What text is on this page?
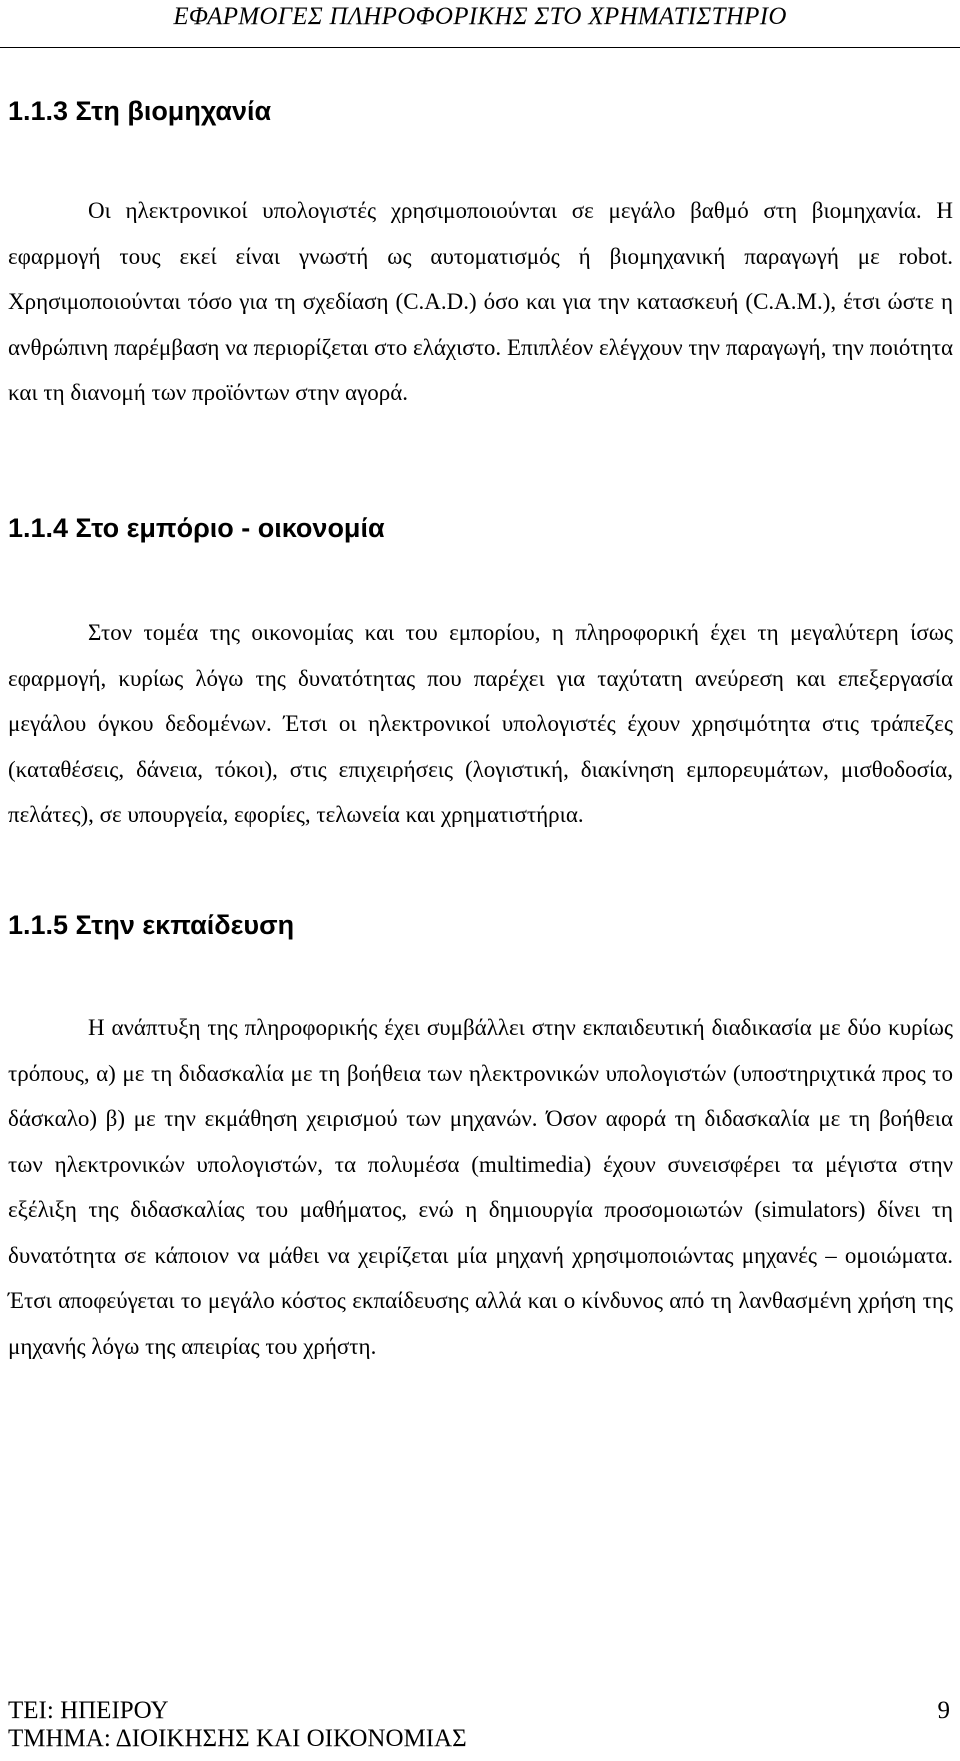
ΕΦΑΡΜΟΓΕΣ ΠΛΗΡΟΦΟΡΙΚΗΣ ΣΤΟ ΧΡΗΜΑΤΙΣΤΗΡΙΟ
1.1.3 Στη βιομηχανία

Οι ηλεκτρονικοί υπολογιστές χρησιμοποιούνται σε μεγάλο βαθμό στη βιομηχανία. Η εφαρμογή τους εκεί είναι γνωστή ως αυτοματισμός ή βιομηχανική παραγωγή με robot. Χρησιμοποιούνται τόσο για τη σχεδίαση (C.A.D.) όσο και για την κατασκευή (C.A.M.), έτσι ώστε η ανθρώπινη παρέμβαση να περιορίζεται στο ελάχιστο. Επιπλέον ελέγχουν την παραγωγή, την ποιότητα και τη διανομή των προϊόντων στην αγορά.

1.1.4 Στο εμπόριο - οικονομία

Στον τομέα της οικονομίας και του εμπορίου, η πληροφορική έχει τη μεγαλύτερη ίσως εφαρμογή, κυρίως λόγω της δυνατότητας που παρέχει για ταχύτατη ανεύρεση και επεξεργασία μεγάλου όγκου δεδομένων. Έτσι οι ηλεκτρονικοί υπολογιστές έχουν χρησιμότητα στις τράπεζες (καταθέσεις, δάνεια, τόκοι), στις επιχειρήσεις (λογιστική, διακίνηση εμπορευμάτων, μισθοδοσία, πελάτες), σε υπουργεία, εφορίες, τελωνεία και χρηματιστήρια.

1.1.5 Στην εκπαίδευση

Η ανάπτυξη της πληροφορικής έχει συμβάλλει στην εκπαιδευτική διαδικασία με δύο κυρίως τρόπους, α) με τη διδασκαλία με τη βοήθεια των ηλεκτρονικών υπολογιστών (υποστηριχτικά προς το δάσκαλο) β) με την εκμάθηση χειρισμού των μηχανών. Όσον αφορά τη διδασκαλία με τη βοήθεια των ηλεκτρονικών υπολογιστών, τα πολυμέσα (multimedia) έχουν συνεισφέρει τα μέγιστα στην εξέλιξη της διδασκαλίας του μαθήματος, ενώ η δημιουργία προσομοιωτών (simulators) δίνει τη δυνατότητα σε κάποιον να μάθει να χειρίζεται μία μηχανή χρησιμοποιώντας μηχανές – ομοιώματα. Έτσι αποφεύγεται το μεγάλο κόστος εκπαίδευσης αλλά και ο κίνδυνος από τη λανθασμένη χρήση της μηχανής λόγω της απειρίας του χρήστη.

ΤΕΙ: ΗΠΕΙΡΟΥ
ΤΜΗΜΑ: ΔΙΟΙΚΗΣΗΣ ΚΑΙ ΟΙΚΟΝΟΜΙΑΣ
9
